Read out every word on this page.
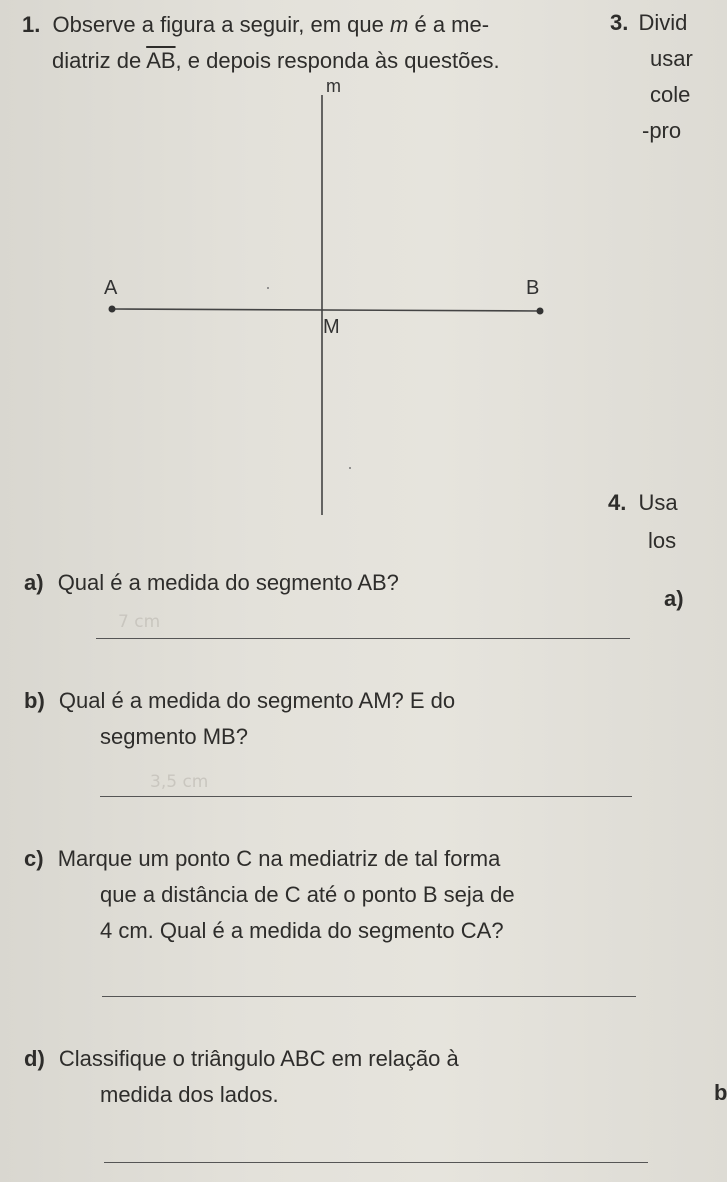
1. Observe a figura a seguir, em que m é a me-
diatriz de $\overline{AB}$, e depois responda às questões.
m
A	B
M
a) Qual é a medida do segmento AB?
7 cm
b) Qual é a medida do segmento AM? E do
segmento MB?
3,5 cm
c) Marque um ponto C na mediatriz de tal forma
que a distância de C até o ponto B seja de
4 cm. Qual é a medida do segmento CA?
d) Classifique o triângulo ABC em relação à
medida dos lados.
3. Divid
usar
cole
-pro
4. Usa
los
a)
b
